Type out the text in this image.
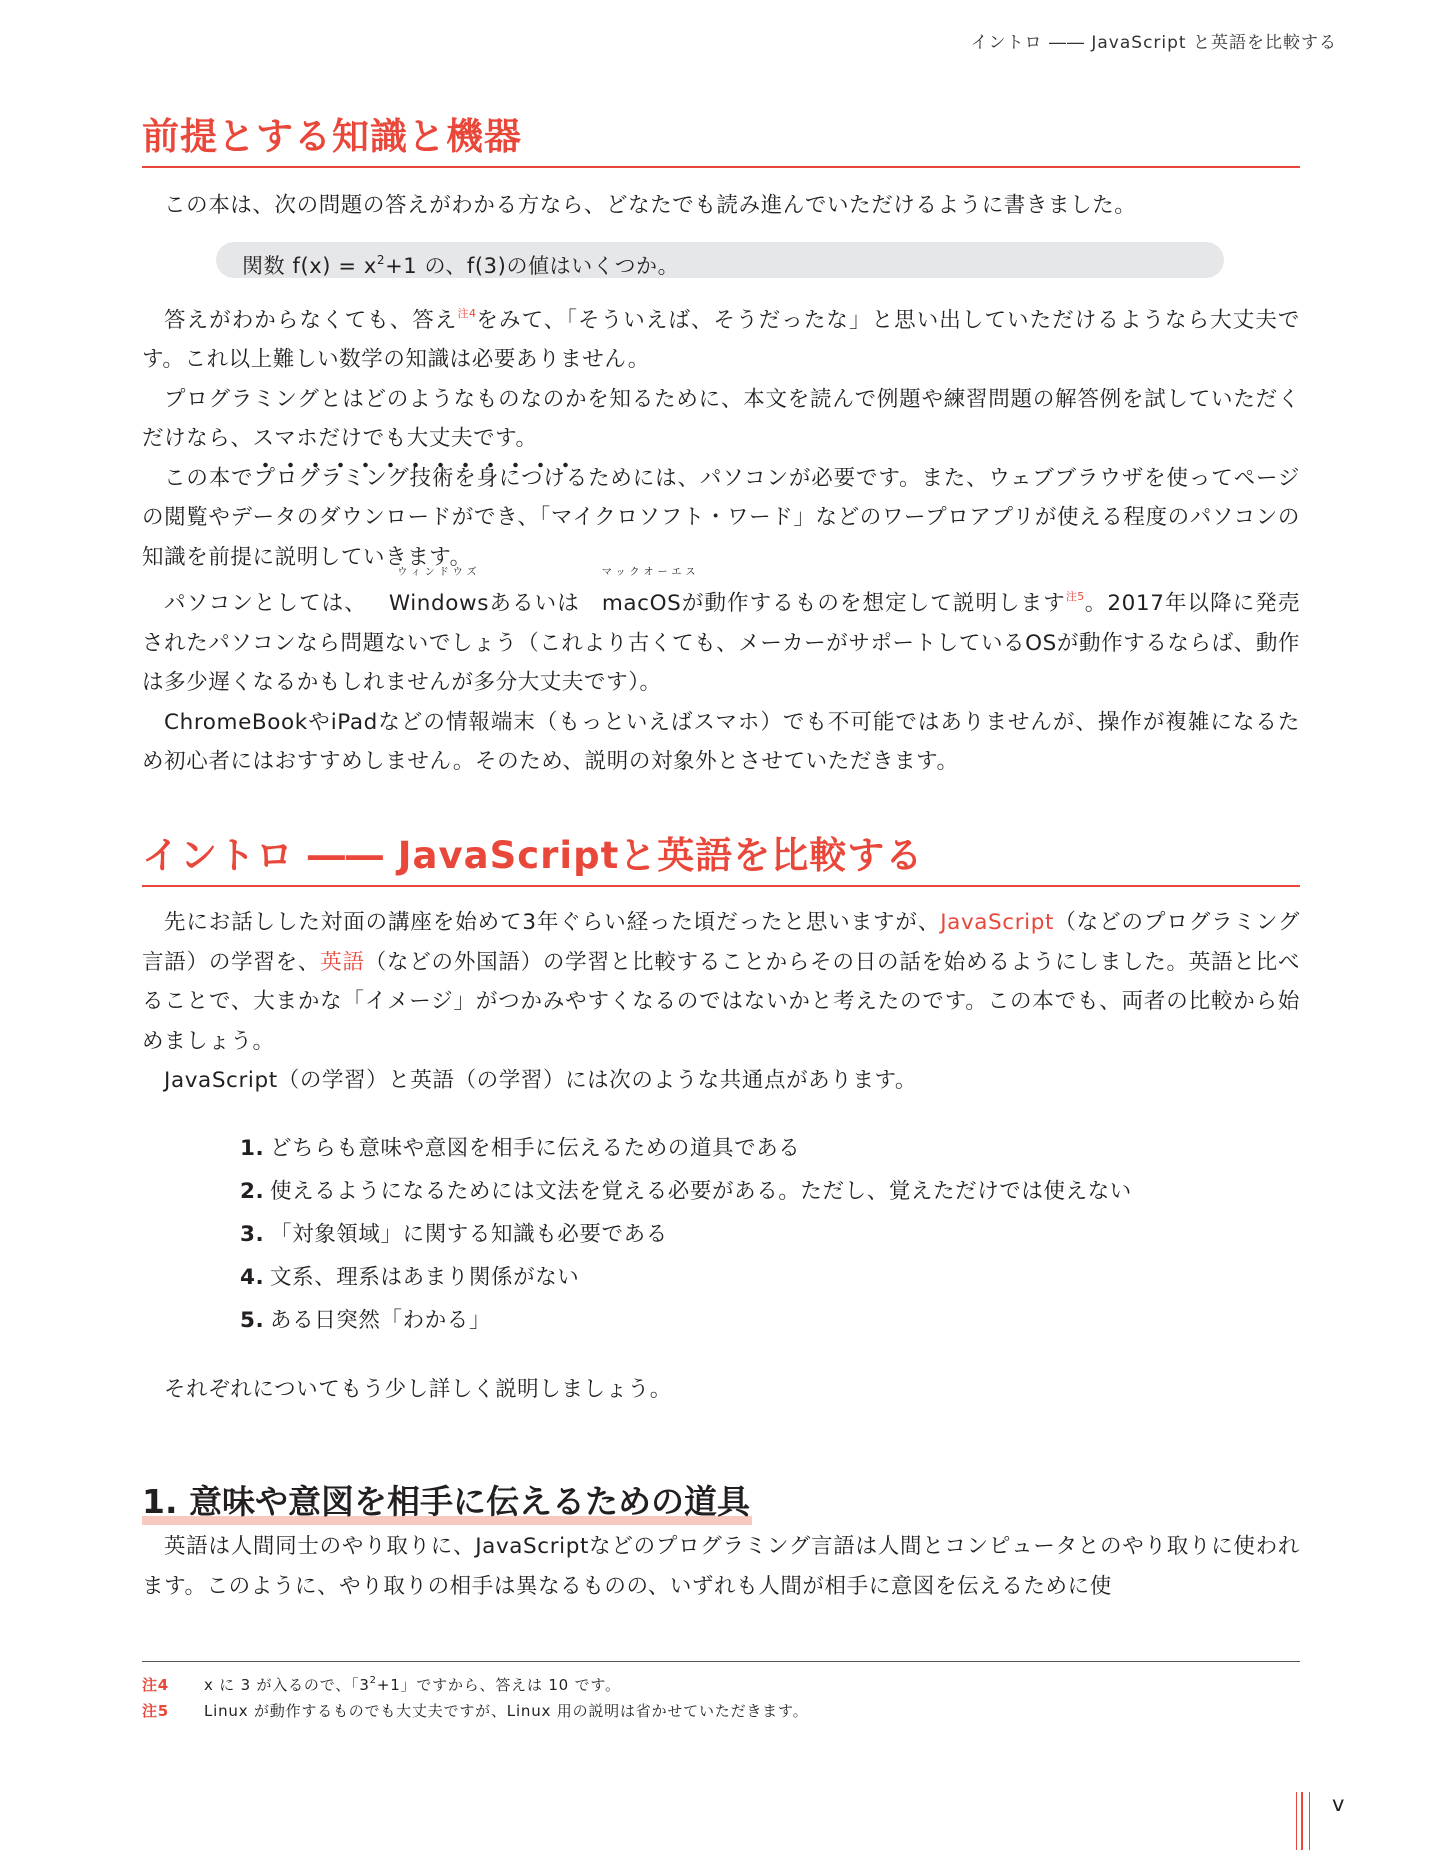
イントロ ―― JavaScript と英語を比較する
前提とする知識と機器

この本は、次の問題の答えがわかる方なら、どなたでも読み進んでいただけるように書きました。

関数 $f(x) = x^2+1$ の、f(3)の値はいくつか。

答えがわからなくても、答え$^{注4}$をみて、「そういえば、そうだったな」と思い出していただけるようなら大丈夫です。これ以上難しい数学の知識は必要ありません。

プログラミングとはどのようなものなのかを知るために、本文を読んで例題や練習問題の解答例を試していただくだけなら、スマホだけでも大丈夫です。

この本でプログラミング技術を身につけるためには、パソコンが必要です。また、ウェブブラウザを使ってページの閲覧やデータのダウンロードができ、「マイクロソフト・ワード」などのワープロアプリが使える程度のパソコンの知識を前提に説明していきます。

パソコンとしては、
ウィンドウズ
Windowsあるいは
マックオーエス
macOSが動作するものを想定して説明します$^{注5}$。2017年以降に発売されたパソコンなら問題ないでしょう（これより古くても、メーカーがサポートしているOSが動作するならば、動作は多少遅くなるかもしれませんが多分大丈夫です）。

ChromeBookやiPadなどの情報端末（もっといえばスマホ）でも不可能ではありませんが、操作が複雑になるため初心者にはおすすめしません。そのため、説明の対象外とさせていただきます。

イントロ ―― JavaScriptと英語を比較する

先にお話しした対面の講座を始めて3年ぐらい経った頃だったと思いますが、JavaScript（などのプログラミング言語）の学習を、英語（などの外国語）の学習と比較することからその日の話を始めるようにしました。英語と比べることで、大まかな「イメージ」がつかみやすくなるのではないかと考えたのです。この本でも、両者の比較から始めましょう。

JavaScript（の学習）と英語（の学習）には次のような共通点があります。

1. どちらも意味や意図を相手に伝えるための道具である
2. 使えるようになるためには文法を覚える必要がある。ただし、覚えただけでは使えない
3. 「対象領域」に関する知識も必要である
4. 文系、理系はあまり関係がない
5. ある日突然「わかる」

それぞれについてもう少し詳しく説明しましょう。

1. 意味や意図を相手に伝えるための道具

英語は人間同士のやり取りに、JavaScriptなどのプログラミング言語は人間とコンピュータとのやり取りに使われます。このように、やり取りの相手は異なるものの、いずれも人間が相手に意図を伝えるために使

注4 x に 3 が入るので、「$3^2+1$」ですから、答えは 10 です。
注5 Linux が動作するものでも大丈夫ですが、Linux 用の説明は省かせていただきます。
v
